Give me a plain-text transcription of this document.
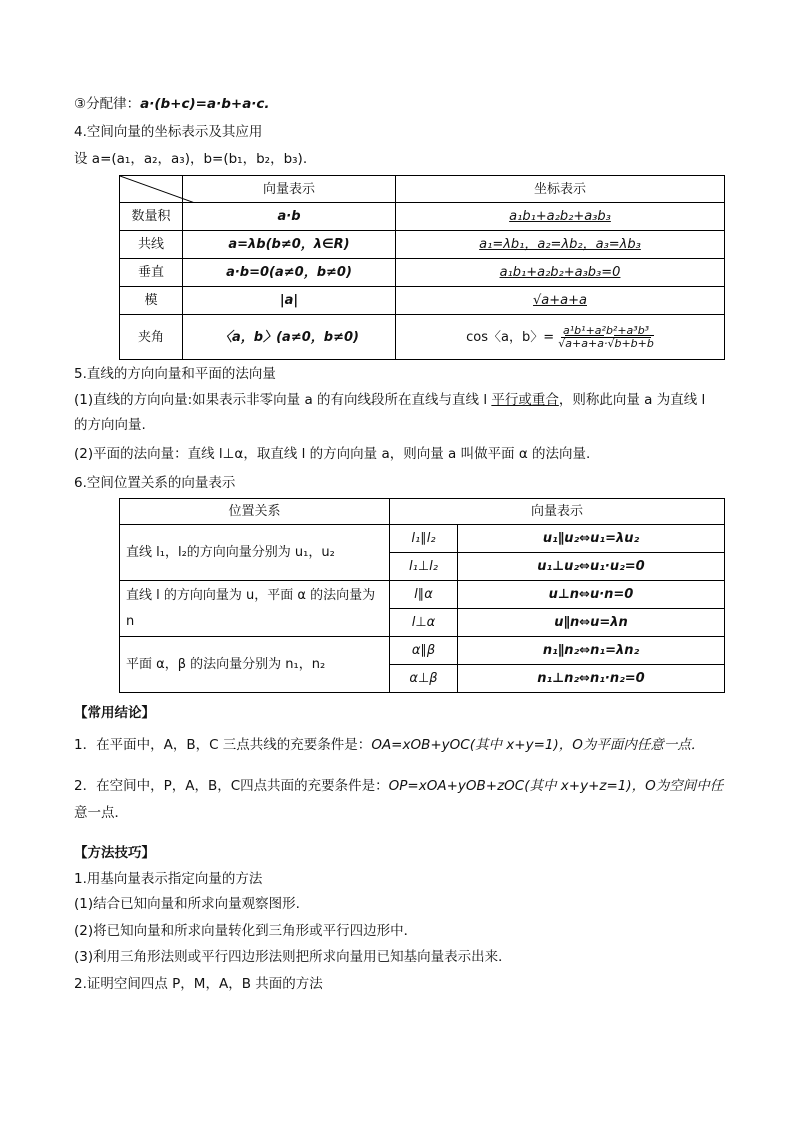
③分配律：a·(b+c)=a·b+a·c.
4.空间向量的坐标表示及其应用
设 a=(a₁，a₂，a₃)，b=(b₁，b₂，b₃).
	向量表示	坐标表示
数量积	a·b	a₁b₁+a₂b₂+a₃b₃
共线	a=λb(b≠0，λ∈R)	a₁=λb₁，a₂=λb₂，a₃=λb₃
垂直	a·b=0(a≠0，b≠0)	a₁b₁+a₂b₂+a₃b₃=0
模	|a|	√a+a+a
夹角	〈a，b〉(a≠0，b≠0)	cos〈a，b〉= $\frac{\text{a¹b¹+a²b²+a³b³}}{√a+a+a\cdot√b+b+b}$
5.直线的方向向量和平面的法向量
(1)直线的方向向量:如果表示非零向量 a 的有向线段所在直线与直线 l 平行或重合，则称此向量 a 为直线 l
的方向向量.
(2)平面的法向量：直线 l⊥α，取直线 l 的方向向量 a，则向量 a 叫做平面 α 的法向量.
6.空间位置关系的向量表示
位置关系	向量表示	
直线 l₁，l₂的方向向量分别为 u₁，u₂	l₁∥l₂	u₁∥u₂⇔u₁=λu₂
	l₁⊥l₂	u₁⊥u₂⇔u₁·u₂=0
直线 l 的方向向量为 u，平面 α 的法向量为 n	l∥α	u⊥n⇔u·n=0
	l⊥α	u∥n⇔u=λn
平面 α，β 的法向量分别为 n₁，n₂	α∥β	n₁∥n₂⇔n₁=λn₂
	α⊥β	n₁⊥n₂⇔n₁·n₂=0
【常用结论】
1．在平面中，A，B，C 三点共线的充要条件是：OA=xOB+yOC(其中 x+y=1)，O为平面内任意一点．
2．在空间中，P，A，B，C四点共面的充要条件是：OP=xOA+yOB+zOC(其中 x+y+z=1)，O为空间中任
意一点．
【方法技巧】
1.用基向量表示指定向量的方法
(1)结合已知向量和所求向量观察图形.
(2)将已知向量和所求向量转化到三角形或平行四边形中．
(3)利用三角形法则或平行四边形法则把所求向量用已知基向量表示出来．
2.证明空间四点 P，M，A，B 共面的方法
